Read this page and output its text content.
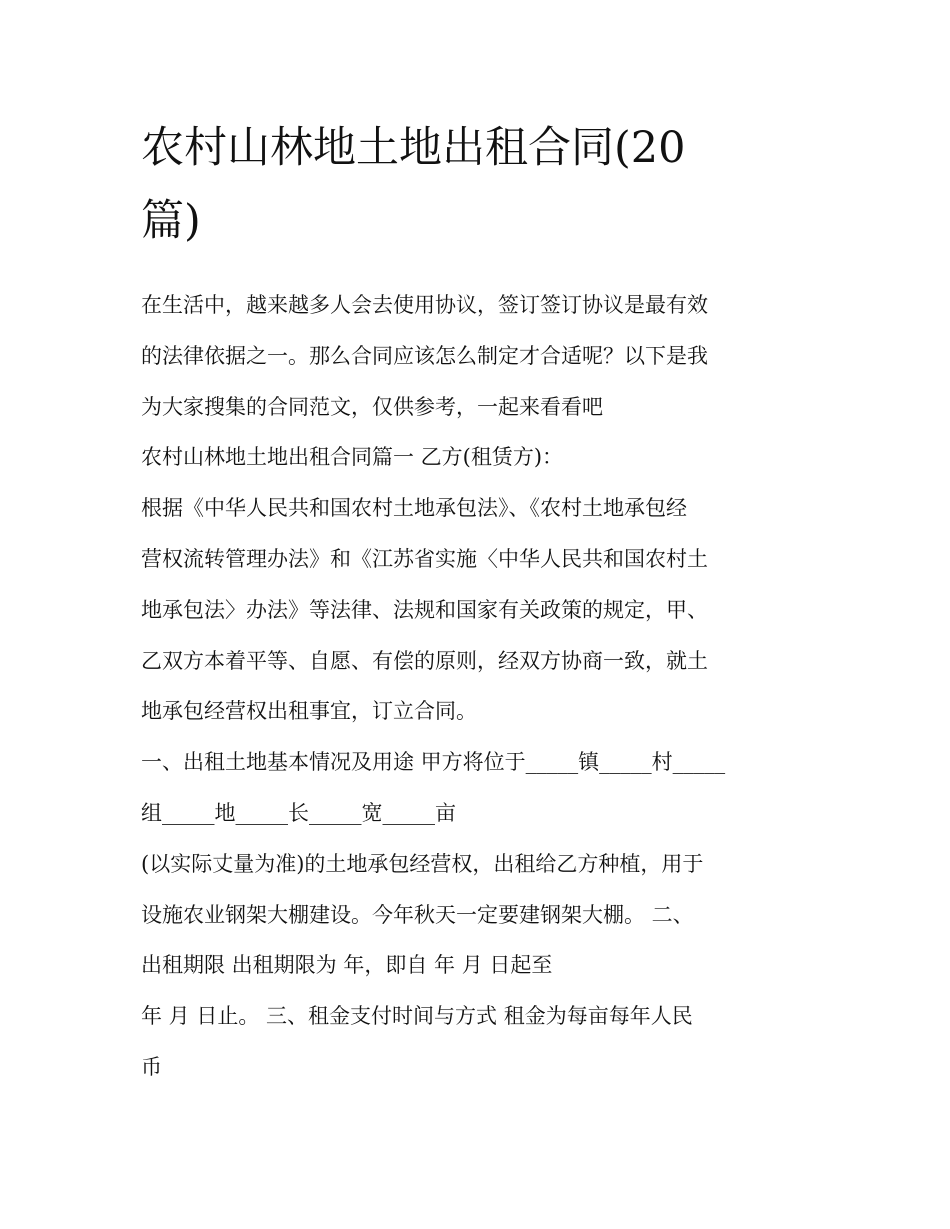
农村山林地土地出租合同(20
篇)
在生活中，越来越多人会去使用协议，签订签订协议是最有效
的法律依据之一。那么合同应该怎么制定才合适呢？以下是我
为大家搜集的合同范文，仅供参考，一起来看看吧
农村山林地土地出租合同篇一 乙方(租赁方)：
根据《中华人民共和国农村土地承包法》、《农村土地承包经
营权流转管理办法》和《江苏省实施〈中华人民共和国农村土
地承包法〉办法》等法律、法规和国家有关政策的规定，甲、
乙双方本着平等、自愿、有偿的原则，经双方协商一致，就土
地承包经营权出租事宜，订立合同。
一、出租土地基本情况及用途 甲方将位于_____镇_____村_____
组_____地_____长_____宽_____亩
(以实际丈量为准)的土地承包经营权，出租给乙方种植，用于
设施农业钢架大棚建设。今年秋天一定要建钢架大棚。 二、
出租期限 出租期限为 年，即自 年 月 日起至
年 月 日止。 三、租金支付时间与方式 租金为每亩每年人民
币
